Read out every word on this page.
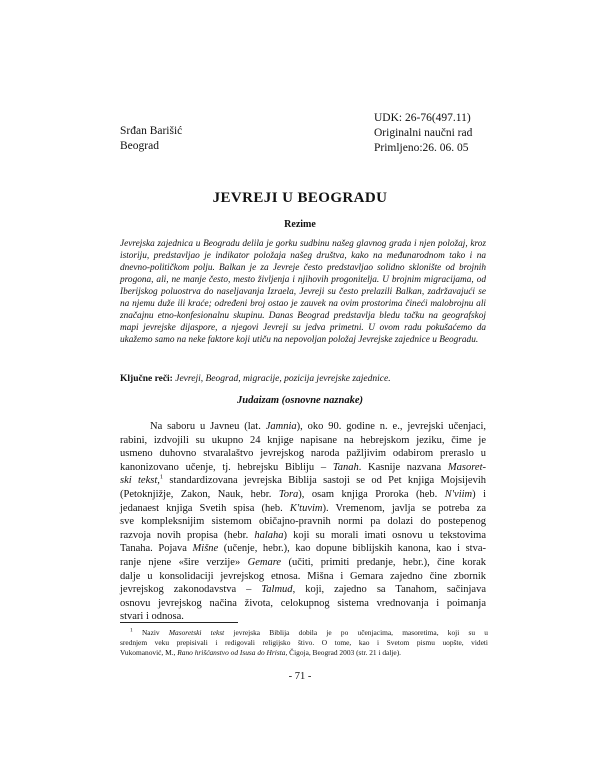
Srđan Barišić
Beograd
UDK: 26-76(497.11)
Originalni naučni rad
Primljeno:26. 06. 05
JEVREJI U BEOGRADU
Rezime
Jevrejska zajednica u Beogradu delila je gorku sudbinu našeg glavnog grada i njen položaj, kroz istoriju, predstavljao je indikator položaja našeg društva, kako na međunarodnom tako i na dnevno-političkom polju. Balkan je za Jevreje često predstavljao solidno sklonište od brojnih progona, ali, ne manje često, mesto življenja i njihovih progonitelja. U brojnim migracijama, od Iberijskog poluostrva do naseljavanja Izraela, Jevreji su često prelazili Balkan, zadržavajući se na njemu duže ili kraće; određeni broj ostao je zauvek na ovim prostorima čineći malobrojnu ali značajnu etno-konfesionalnu skupinu. Danas Beograd predstavlja bledu tačku na geografskoj mapi jevrejske dijaspore, a njegovi Jevreji su jedva primetni. U ovom radu pokušaćemo da ukažemo samo na neke faktore koji utiču na nepovoljan položaj Jevrejske zajednice u Beogradu.
Ključne reči: Jevreji, Beograd, migracije, pozicija jevrejske zajednice.
Judaizam (osnovne naznake)
Na saboru u Javneu (lat. Jamnia), oko 90. godine n. e., jevrejski učenjaci,
rabini, izdvojili su ukupno 24 knjige napisane na hebrejskom jeziku, čime je
usmeno duhovno stvaralaštvo jevrejskog naroda pažljivim odabirom preraslo u
kanonizovano učenje, tj. hebrejsku Bibliju – Tanah. Kasnije nazvana Masoret-
ski tekst,$^1$ standardizovana jevrejska Biblija sastoji se od Pet knjiga Mojsijevih
(Petoknjižje, Zakon, Nauk, hebr. Tora), osam knjiga Proroka (heb. N'viim) i
jedanaest knjiga Svetih spisa (heb. K'tuvim). Vremenom, javlja se potreba za
sve kompleksnijim sistemom običajno-pravnih normi pa dolazi do postepenog
razvoja novih propisa (hebr. halaha) koji su morali imati osnovu u tekstovima
Tanaha. Pojava Mišne (učenje, hebr.), kao dopune biblijskih kanona, kao i stva-
ranje njene «šire verzije» Gemare (učiti, primiti predanje, hebr.), čine korak
dalje u konsolidaciji jevrejskog etnosa. Mišna i Gemara zajedno čine zbornik
jevrejskog zakonodavstva – Talmud, koji, zajedno sa Tanahom, sačinjava
osnovu jevrejskog načina života, celokupnog sistema vrednovanja i poimanja
stvari i odnosa.
$^1$ Naziv Masoretski tekst jevrejska Biblija dobila je po učenjacima, masoretima, koji su u
srednjem veku prepisivali i redigovali religijsko štivo. O tome, kao i Svetom pismu uopšte, videti
Vukomanović, M., Rano hrišćanstvo od Isusa do Hrista, Čigoja, Beograd 2003 (str. 21 i dalje).
- 71 -
